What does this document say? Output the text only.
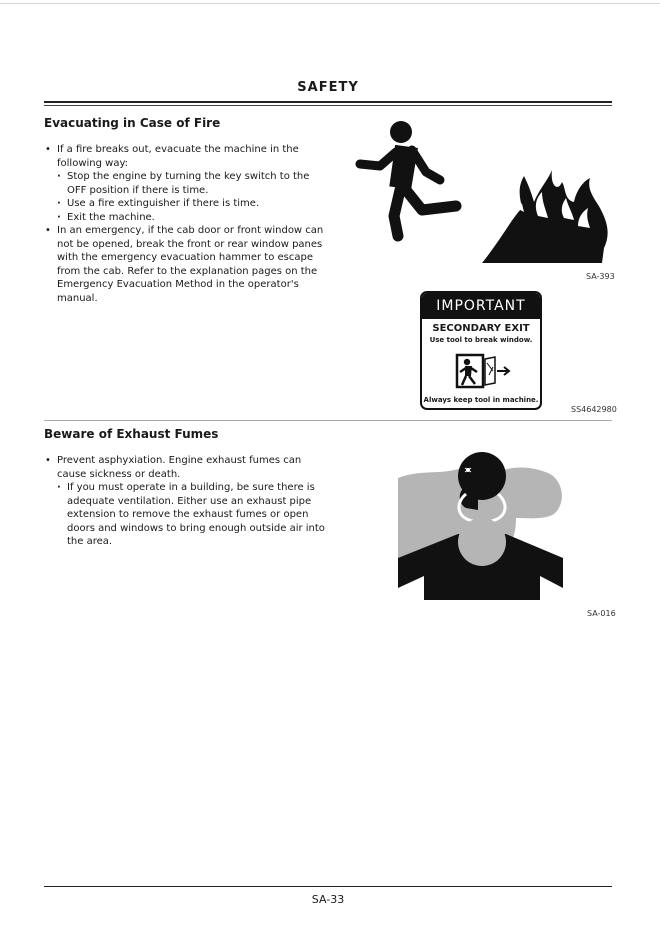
SAFETY
Evacuating in Case of Fire
• If a fire breaks out, evacuate the machine in the following way:
· Stop the engine by turning the key switch to the OFF position if there is time.
· Use a fire extinguisher if there is time.
· Exit the machine.
• In an emergency, if the cab door or front window can not be opened, break the front or rear window panes with the emergency evacuation hammer to escape from the cab. Refer to the explanation pages on the Emergency Evacuation Method in the operator's manual.
SA-393
IMPORTANT
SECONDARY EXIT
Use tool to break window.
Always keep tool in machine.
SS4642980
Beware of Exhaust Fumes
• Prevent asphyxiation. Engine exhaust fumes can cause sickness or death.
· If you must operate in a building, be sure there is adequate ventilation. Either use an exhaust pipe extension to remove the exhaust fumes or open doors and windows to bring enough outside air into the area.
SA-016
SA-33
